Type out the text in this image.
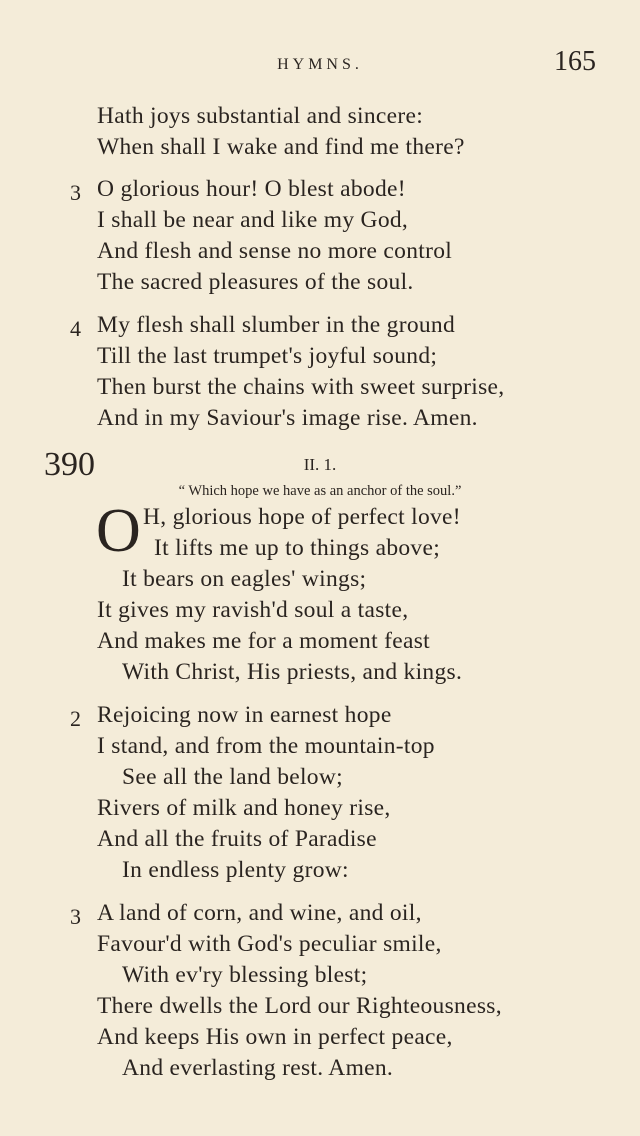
HYMNS.	165
Hath joys substantial and sincere:
When shall I wake and find me there?
3 O glorious hour! O blest abode!
I shall be near and like my God,
And flesh and sense no more control
The sacred pleasures of the soul.
4 My flesh shall slumber in the ground
Till the last trumpet's joyful sound;
Then burst the chains with sweet surprise,
And in my Saviour's image rise. Amen.
390	II. 1.
“ Which hope we have as an anchor of the soul.”
O H, glorious hope of perfect love!
It lifts me up to things above;
It bears on eagles' wings;
It gives my ravish'd soul a taste,
And makes me for a moment feast
With Christ, His priests, and kings.
2 Rejoicing now in earnest hope
I stand, and from the mountain-top
See all the land below;
Rivers of milk and honey rise,
And all the fruits of Paradise
In endless plenty grow:
3 A land of corn, and wine, and oil,
Favour'd with God's peculiar smile,
With ev'ry blessing blest;
There dwells the Lord our Righteousness,
And keeps His own in perfect peace,
And everlasting rest. Amen.
